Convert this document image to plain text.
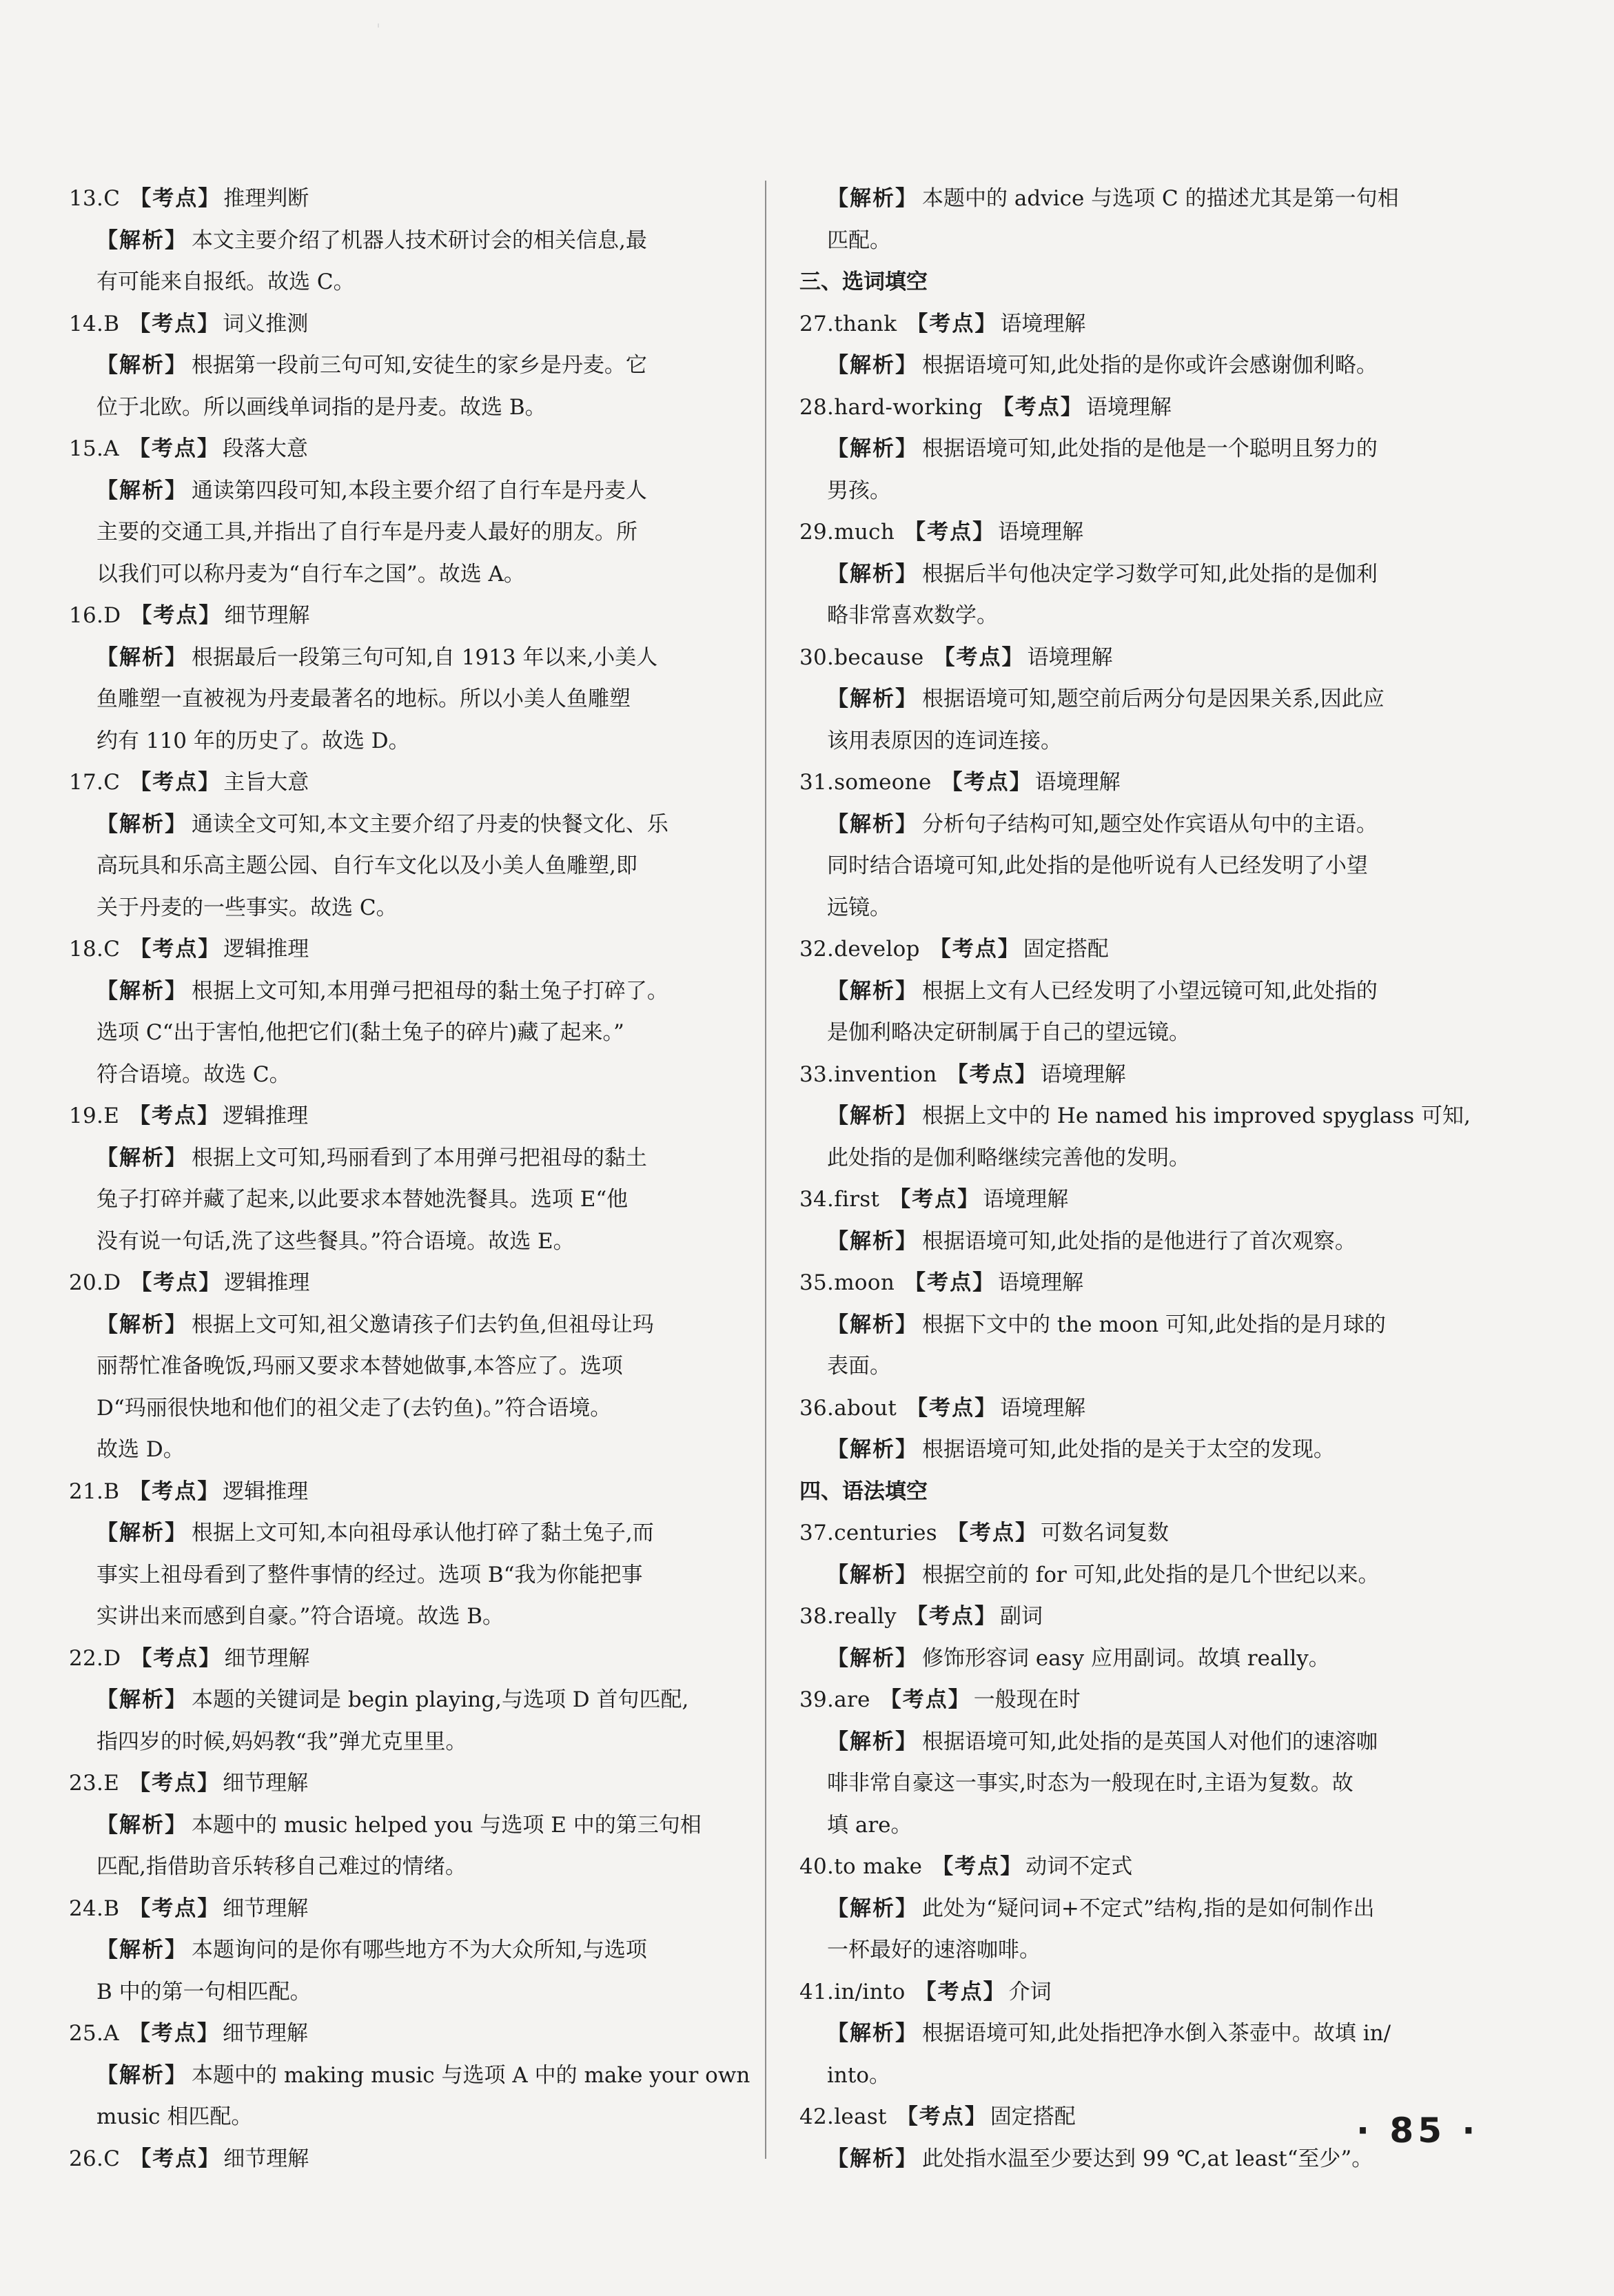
13.C 【考点】 推理判断
【解析】 本文主要介绍了机器人技术研讨会的相关信息,最
有可能来自报纸。故选 C。
14.B 【考点】 词义推测
【解析】 根据第一段前三句可知,安徒生的家乡是丹麦。它
位于北欧。所以画线单词指的是丹麦。故选 B。
15.A 【考点】 段落大意
【解析】 通读第四段可知,本段主要介绍了自行车是丹麦人
主要的交通工具,并指出了自行车是丹麦人最好的朋友。所
以我们可以称丹麦为“自行车之国”。故选 A。
16.D 【考点】 细节理解
【解析】 根据最后一段第三句可知,自 1913 年以来,小美人
鱼雕塑一直被视为丹麦最著名的地标。所以小美人鱼雕塑
约有 110 年的历史了。故选 D。
17.C 【考点】 主旨大意
【解析】 通读全文可知,本文主要介绍了丹麦的快餐文化、乐
高玩具和乐高主题公园、自行车文化以及小美人鱼雕塑,即
关于丹麦的一些事实。故选 C。
18.C 【考点】 逻辑推理
【解析】 根据上文可知,本用弹弓把祖母的黏土兔子打碎了。
选项 C“出于害怕,他把它们(黏土兔子的碎片)藏了起来。”
符合语境。故选 C。
19.E 【考点】 逻辑推理
【解析】 根据上文可知,玛丽看到了本用弹弓把祖母的黏土
兔子打碎并藏了起来,以此要求本替她洗餐具。选项 E“他
没有说一句话,洗了这些餐具。”符合语境。故选 E。
20.D 【考点】 逻辑推理
【解析】 根据上文可知,祖父邀请孩子们去钓鱼,但祖母让玛
丽帮忙准备晚饭,玛丽又要求本替她做事,本答应了。选项
D“玛丽很快地和他们的祖父走了(去钓鱼)。”符合语境。
故选 D。
21.B 【考点】 逻辑推理
【解析】 根据上文可知,本向祖母承认他打碎了黏土兔子,而
事实上祖母看到了整件事情的经过。选项 B“我为你能把事
实讲出来而感到自豪。”符合语境。故选 B。
22.D 【考点】 细节理解
【解析】 本题的关键词是 begin playing,与选项 D 首句匹配,
指四岁的时候,妈妈教“我”弹尤克里里。
23.E 【考点】 细节理解
【解析】 本题中的 music helped you 与选项 E 中的第三句相
匹配,指借助音乐转移自己难过的情绪。
24.B 【考点】 细节理解
【解析】 本题询问的是你有哪些地方不为大众所知,与选项
B 中的第一句相匹配。
25.A 【考点】 细节理解
【解析】 本题中的 making music 与选项 A 中的 make your own
music 相匹配。
26.C 【考点】 细节理解
【解析】 本题中的 advice 与选项 C 的描述尤其是第一句相
匹配。
三、选词填空
27.thank 【考点】 语境理解
【解析】 根据语境可知,此处指的是你或许会感谢伽利略。
28.hard-working 【考点】 语境理解
【解析】 根据语境可知,此处指的是他是一个聪明且努力的
男孩。
29.much 【考点】 语境理解
【解析】 根据后半句他决定学习数学可知,此处指的是伽利
略非常喜欢数学。
30.because 【考点】 语境理解
【解析】 根据语境可知,题空前后两分句是因果关系,因此应
该用表原因的连词连接。
31.someone 【考点】 语境理解
【解析】 分析句子结构可知,题空处作宾语从句中的主语。
同时结合语境可知,此处指的是他听说有人已经发明了小望
远镜。
32.develop 【考点】 固定搭配
【解析】 根据上文有人已经发明了小望远镜可知,此处指的
是伽利略决定研制属于自己的望远镜。
33.invention 【考点】 语境理解
【解析】 根据上文中的 He named his improved spyglass 可知,
此处指的是伽利略继续完善他的发明。
34.first 【考点】 语境理解
【解析】 根据语境可知,此处指的是他进行了首次观察。
35.moon 【考点】 语境理解
【解析】 根据下文中的 the moon 可知,此处指的是月球的
表面。
36.about 【考点】 语境理解
【解析】 根据语境可知,此处指的是关于太空的发现。
四、语法填空
37.centuries 【考点】 可数名词复数
【解析】 根据空前的 for 可知,此处指的是几个世纪以来。
38.really 【考点】 副词
【解析】 修饰形容词 easy 应用副词。故填 really。
39.are 【考点】 一般现在时
【解析】 根据语境可知,此处指的是英国人对他们的速溶咖
啡非常自豪这一事实,时态为一般现在时,主语为复数。故
填 are。
40.to make 【考点】 动词不定式
【解析】 此处为“疑问词+不定式”结构,指的是如何制作出
一杯最好的速溶咖啡。
41.in/into 【考点】 介词
【解析】 根据语境可知,此处指把净水倒入茶壶中。故填 in/
into。
42.least 【考点】 固定搭配
【解析】 此处指水温至少要达到 99 ℃,at least“至少”。
· 85 ·
